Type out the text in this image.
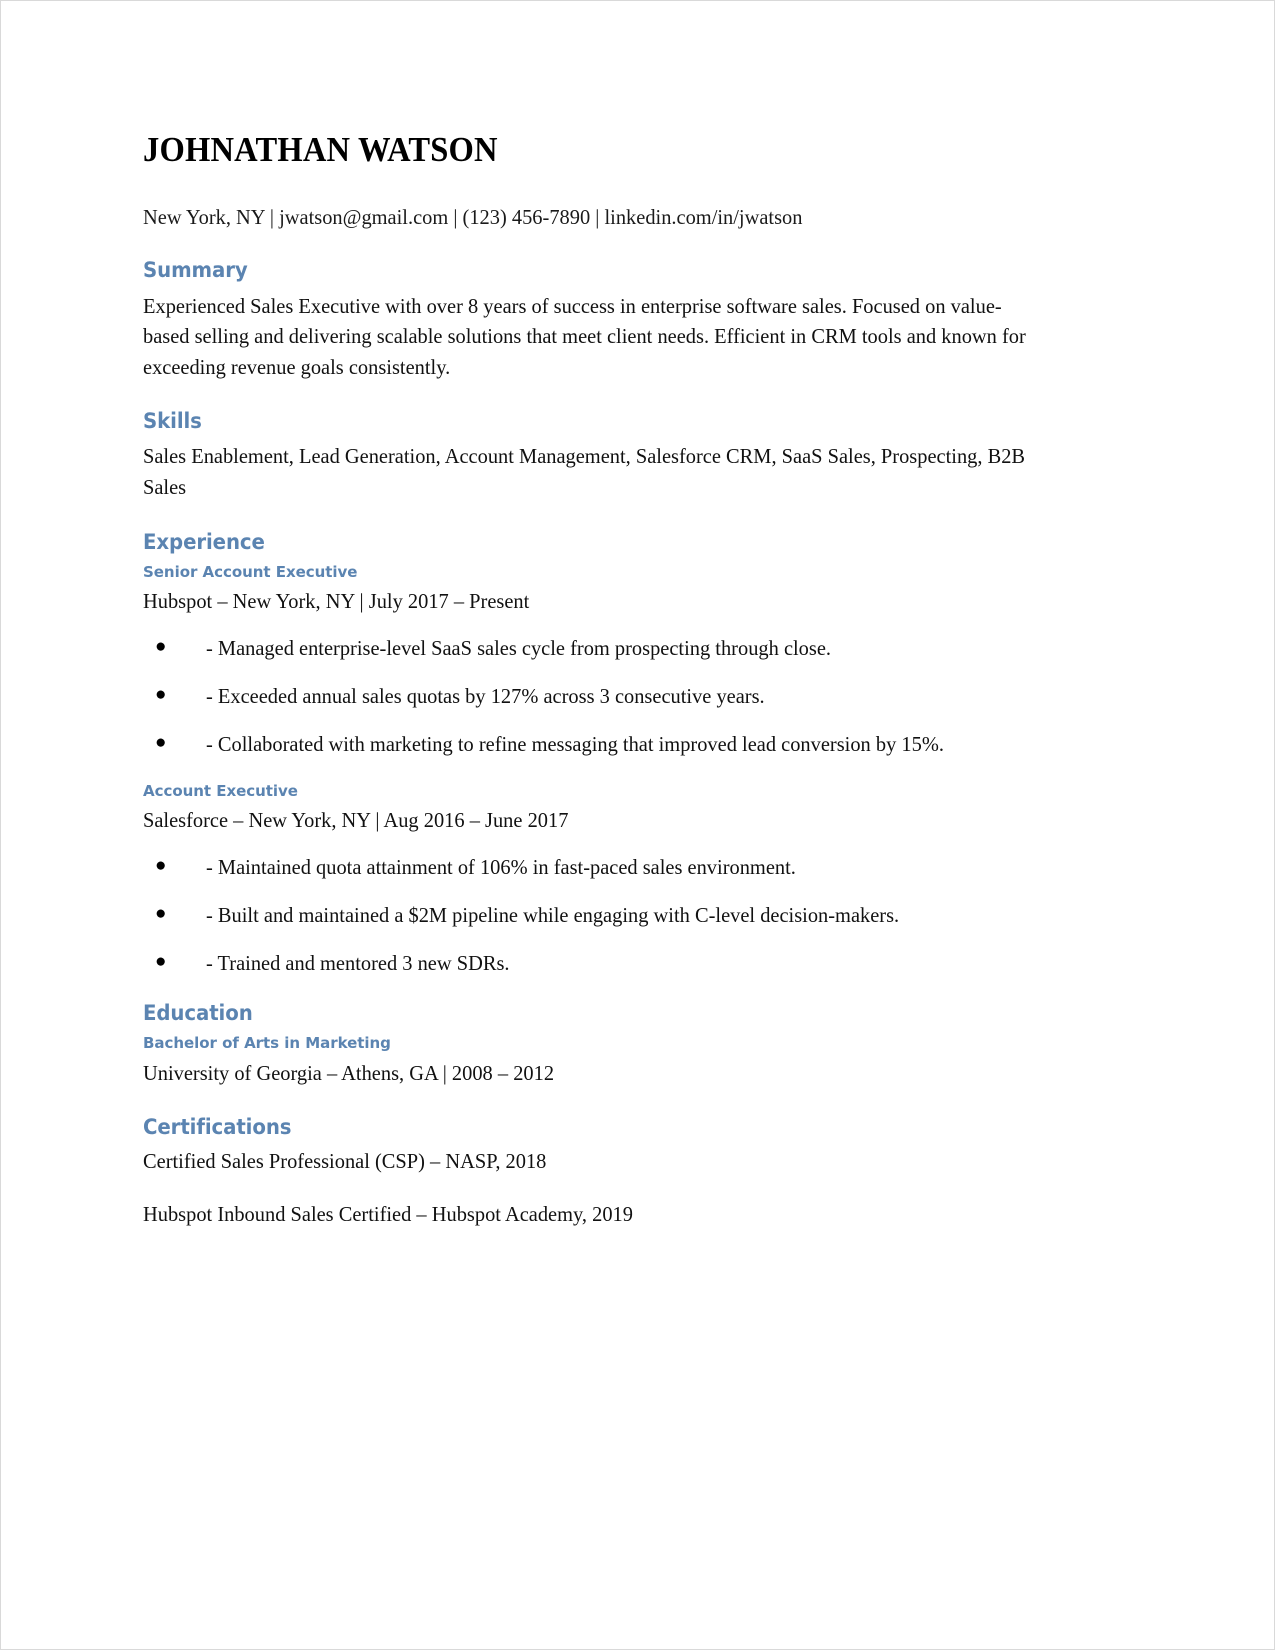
JOHNATHAN WATSON

New York, NY | jwatson@gmail.com | (123) 456-7890 | linkedin.com/in/jwatson

Summary

Experienced Sales Executive with over 8 years of success in enterprise software sales. Focused on value-based selling and delivering scalable solutions that meet client needs. Efficient in CRM tools and known for exceeding revenue goals consistently.

Skills

Sales Enablement, Lead Generation, Account Management, Salesforce CRM, SaaS Sales, Prospecting, B2B Sales

Experience
Senior Account Executive

Hubspot – New York, NY | July 2017 – Present

● - Managed enterprise-level SaaS sales cycle from prospecting through close.
● - Exceeded annual sales quotas by 127% across 3 consecutive years.
● - Collaborated with marketing to refine messaging that improved lead conversion by 15%.
Account Executive

Salesforce – New York, NY | Aug 2016 – June 2017

● - Maintained quota attainment of 106% in fast-paced sales environment.
● - Built and maintained a $2M pipeline while engaging with C-level decision-makers.
● - Trained and mentored 3 new SDRs.
Education
Bachelor of Arts in Marketing

University of Georgia – Athens, GA | 2008 – 2012

Certifications

Certified Sales Professional (CSP) – NASP, 2018

Hubspot Inbound Sales Certified – Hubspot Academy, 2019
